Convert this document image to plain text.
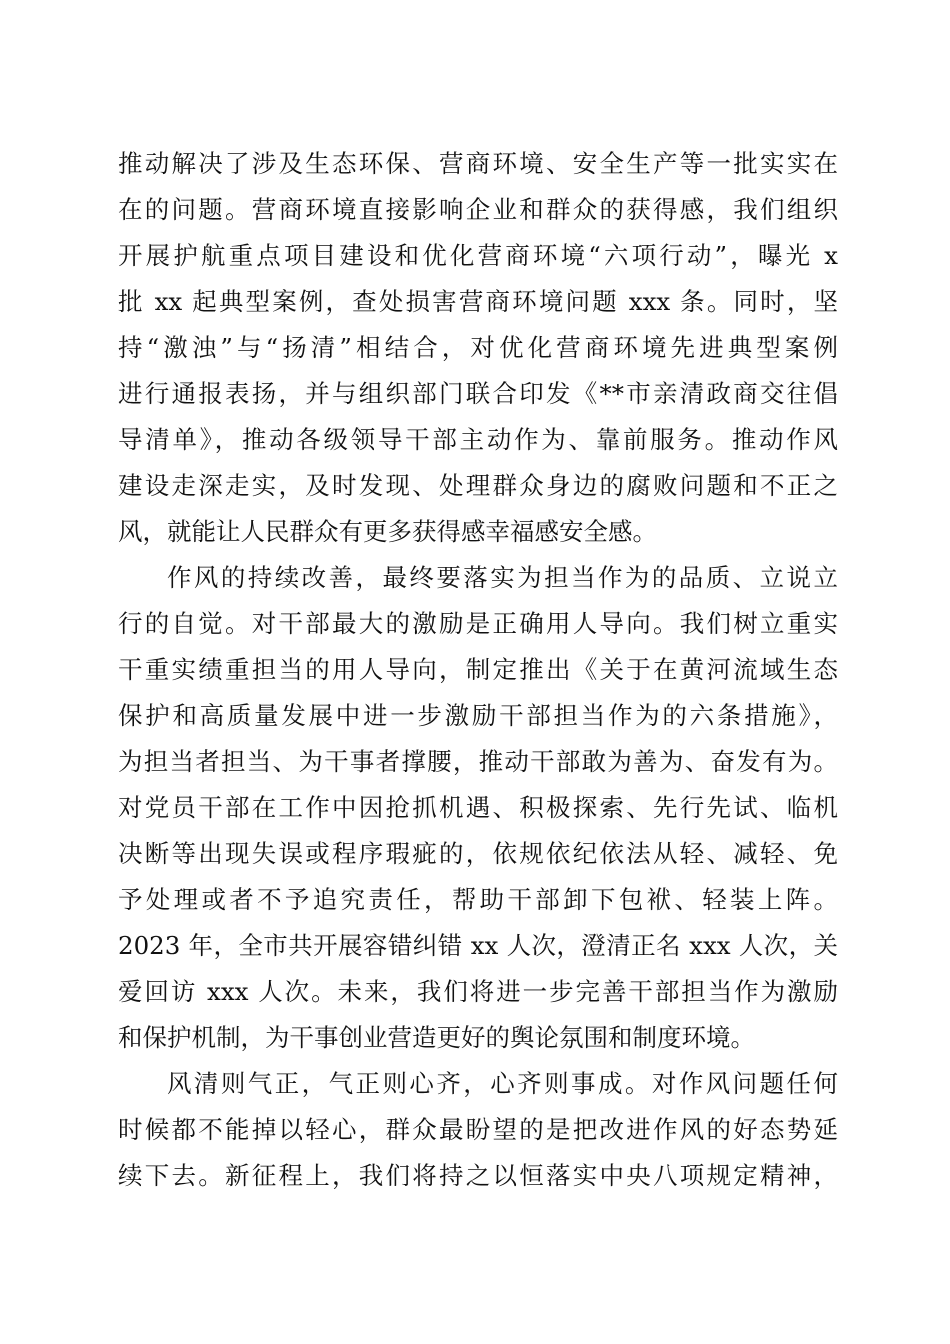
推动解决了涉及生态环保、营商环境、安全生产等一批实实在
在的问题。营商环境直接影响企业和群众的获得感，我们组织
开展护航重点项目建设和优化营商环境“六项行动”，曝光 x
批 xx 起典型案例，查处损害营商环境问题 xxx 条。同时，坚
持“激浊”与“扬清”相结合，对优化营商环境先进典型案例
进行通报表扬，并与组织部门联合印发《**市亲清政商交往倡
导清单》，推动各级领导干部主动作为、靠前服务。推动作风
建设走深走实，及时发现、处理群众身边的腐败问题和不正之
风，就能让人民群众有更多获得感幸福感安全感。
作风的持续改善，最终要落实为担当作为的品质、立说立
行的自觉。对干部最大的激励是正确用人导向。我们树立重实
干重实绩重担当的用人导向，制定推出《关于在黄河流域生态
保护和高质量发展中进一步激励干部担当作为的六条措施》，
为担当者担当、为干事者撑腰，推动干部敢为善为、奋发有为。
对党员干部在工作中因抢抓机遇、积极探索、先行先试、临机
决断等出现失误或程序瑕疵的，依规依纪依法从轻、减轻、免
予处理或者不予追究责任，帮助干部卸下包袱、轻装上阵。
2023 年，全市共开展容错纠错 xx 人次，澄清正名 xxx 人次，关
爱回访 xxx 人次。未来，我们将进一步完善干部担当作为激励
和保护机制，为干事创业营造更好的舆论氛围和制度环境。
风清则气正，气正则心齐，心齐则事成。对作风问题任何
时候都不能掉以轻心，群众最盼望的是把改进作风的好态势延
续下去。新征程上，我们将持之以恒落实中央八项规定精神，
